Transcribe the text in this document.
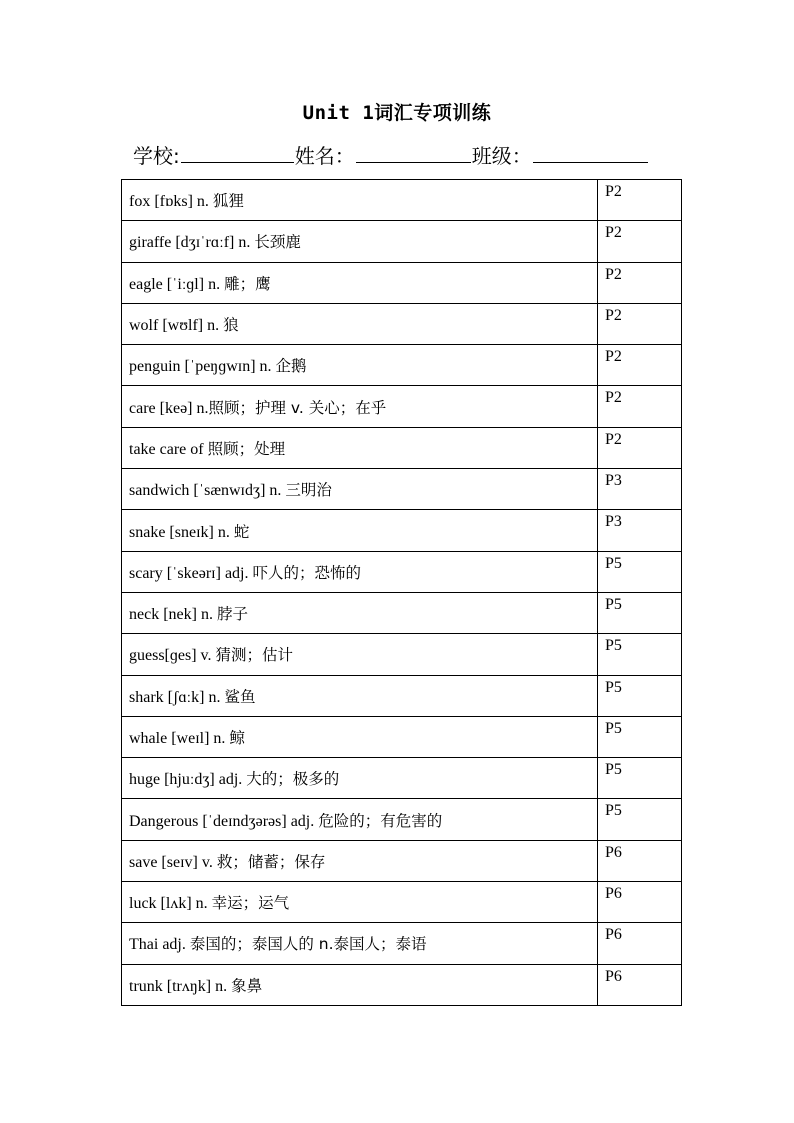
Unit 1词汇专项训练
学校:	姓名：	班级：
fox [fɒks] n. 狐狸	P2
giraffe [dʒɪˈrɑːf] n. 长颈鹿	P2
eagle [ˈiːɡl] n. 雕；鹰	P2
wolf [wʊlf] n. 狼	P2
penguin [ˈpeŋɡwɪn] n. 企鹅	P2
care [keə] n.照顾；护理 v. 关心；在乎	P2
take care of 照顾；处理	P2
sandwich [ˈsænwɪdʒ] n. 三明治	P3
snake [sneɪk] n. 蛇	P3
scary [ˈskeərɪ] adj. 吓人的；恐怖的	P5
neck [nek] n. 脖子	P5
guess[ɡes] v. 猜测；估计	P5
shark [ʃɑːk] n. 鲨鱼	P5
whale [weɪl] n. 鲸	P5
huge [hjuːdʒ] adj. 大的；极多的	P5
Dangerous [ˈdeɪndʒərəs] adj. 危险的；有危害的	P5
save [seɪv] v. 救；储蓄；保存	P6
luck [lʌk] n. 幸运；运气	P6
Thai adj. 泰国的；泰国人的 n.泰国人；泰语	P6
trunk [trʌŋk] n. 象鼻	P6
